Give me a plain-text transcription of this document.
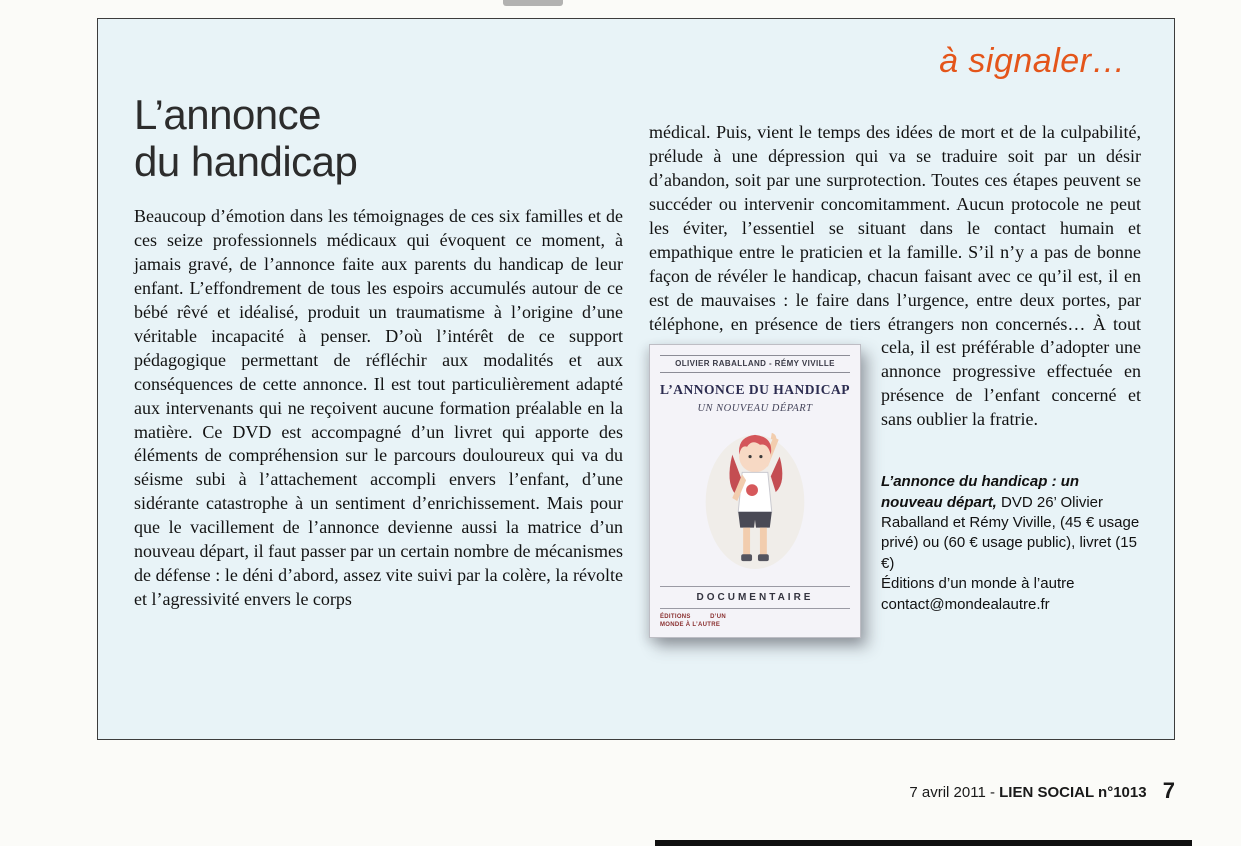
à signaler…
L’annonce
du handicap
Beaucoup d’émotion dans les témoignages de ces six familles et de ces seize professionnels médicaux qui évoquent ce moment, à jamais gravé, de l’annonce faite aux parents du handicap de leur enfant. L’effondrement de tous les espoirs accumulés autour de ce bébé rêvé et idéalisé, produit un traumatisme à l’origine d’une véritable incapacité à penser. D’où l’intérêt de ce support pédagogique permettant de réfléchir aux modalités et aux conséquences de cette annonce. Il est tout particulièrement adapté aux intervenants qui ne reçoivent aucune formation préalable en la matière. Ce DVD est accompagné d’un livret qui apporte des éléments de compréhension sur le parcours douloureux qui va du séisme subi à l’attachement accompli envers l’enfant, d’une sidérante catastrophe à un sentiment d’enrichissement. Mais pour que le vacillement de l’annonce devienne aussi la matrice d’un nouveau départ, il faut passer par un certain nombre de mécanismes de défense : le déni d’abord, assez vite suivi par la colère, la révolte et l’agressivité envers le corps
médical. Puis, vient le temps des idées de mort et de la culpabilité, prélude à une dépression qui va se traduire soit par un désir d’abandon, soit par une surprotection. Toutes ces étapes peuvent se succéder ou intervenir concomitamment. Aucun protocole ne peut les éviter, l’essentiel se situant dans le contact humain et empathique entre le praticien et la famille. S’il n’y a pas de bonne façon de révéler le handicap, chacun faisant avec ce qu’il est, il en est de mauvaises : le faire dans l’urgence, entre deux portes, par téléphone, en présence de tiers étrangers non concernés… À tout
OLIVIER RABALLAND - RÉMY VIVILLE
L’ANNONCE DU HANDICAP
UN NOUVEAU DÉPART
DOCUMENTAIRE
ÉDITIONS D’UN MONDE À L’AUTRE
cela, il est préférable d’adopter une annonce progressive effectuée en présence de l’enfant concerné et sans oublier la fratrie.
L’annonce du handicap : un nouveau départ, DVD 26’ Olivier Raballand et Rémy Viville, (45 € usage privé) ou (60 € usage public), livret (15 €)
Éditions d’un monde à l’autre
contact@mondealautre.fr
7 avril 2011 - LIEN SOCIAL n°1013 7
